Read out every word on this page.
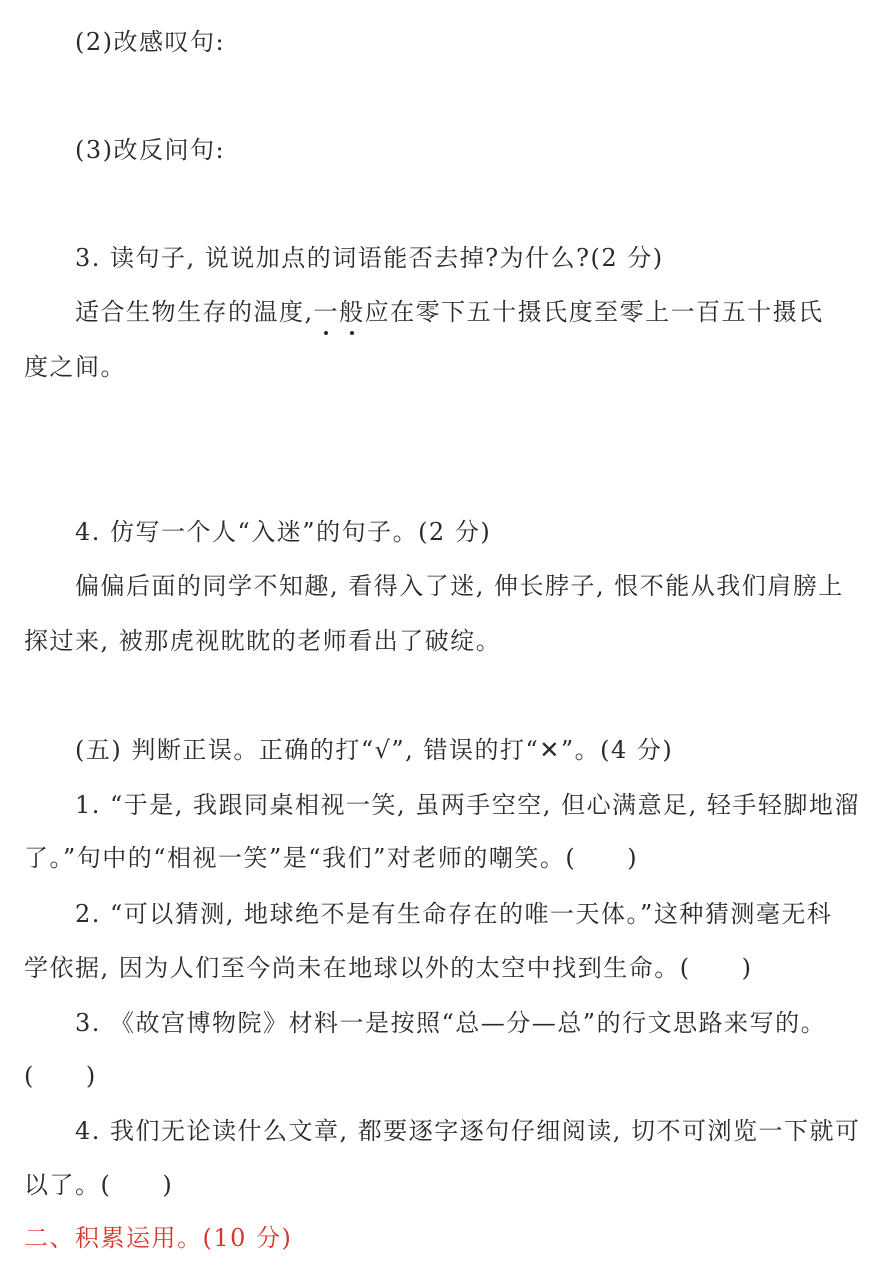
(2)改感叹句:
(3)改反问句:
3. 读句子, 说说加点的词语能否去掉?为什么?(2 分)
适合生物生存的温度,一般应在零下五十摄氏度至零上一百五十摄氏
度之间。
4. 仿写一个人“入迷”的句子。(2 分)
偏偏后面的同学不知趣, 看得入了迷, 伸长脖子, 恨不能从我们肩膀上
探过来, 被那虎视眈眈的老师看出了破绽。
(五) 判断正误。正确的打“√”, 错误的打“✕”。(4 分)
1. “于是, 我跟同桌相视一笑, 虽两手空空, 但心满意足, 轻手轻脚地溜
了。”句中的“相视一笑”是“我们”对老师的嘲笑。(　　)
2. “可以猜测, 地球绝不是有生命存在的唯一天体。”这种猜测毫无科
学依据, 因为人们至今尚未在地球以外的太空中找到生命。(　　)
3. 《故宫博物院》材料一是按照“总—分—总”的行文思路来写的。
(　　)
4. 我们无论读什么文章, 都要逐字逐句仔细阅读, 切不可浏览一下就可
以了。(　　)
二、积累运用。(10 分)
